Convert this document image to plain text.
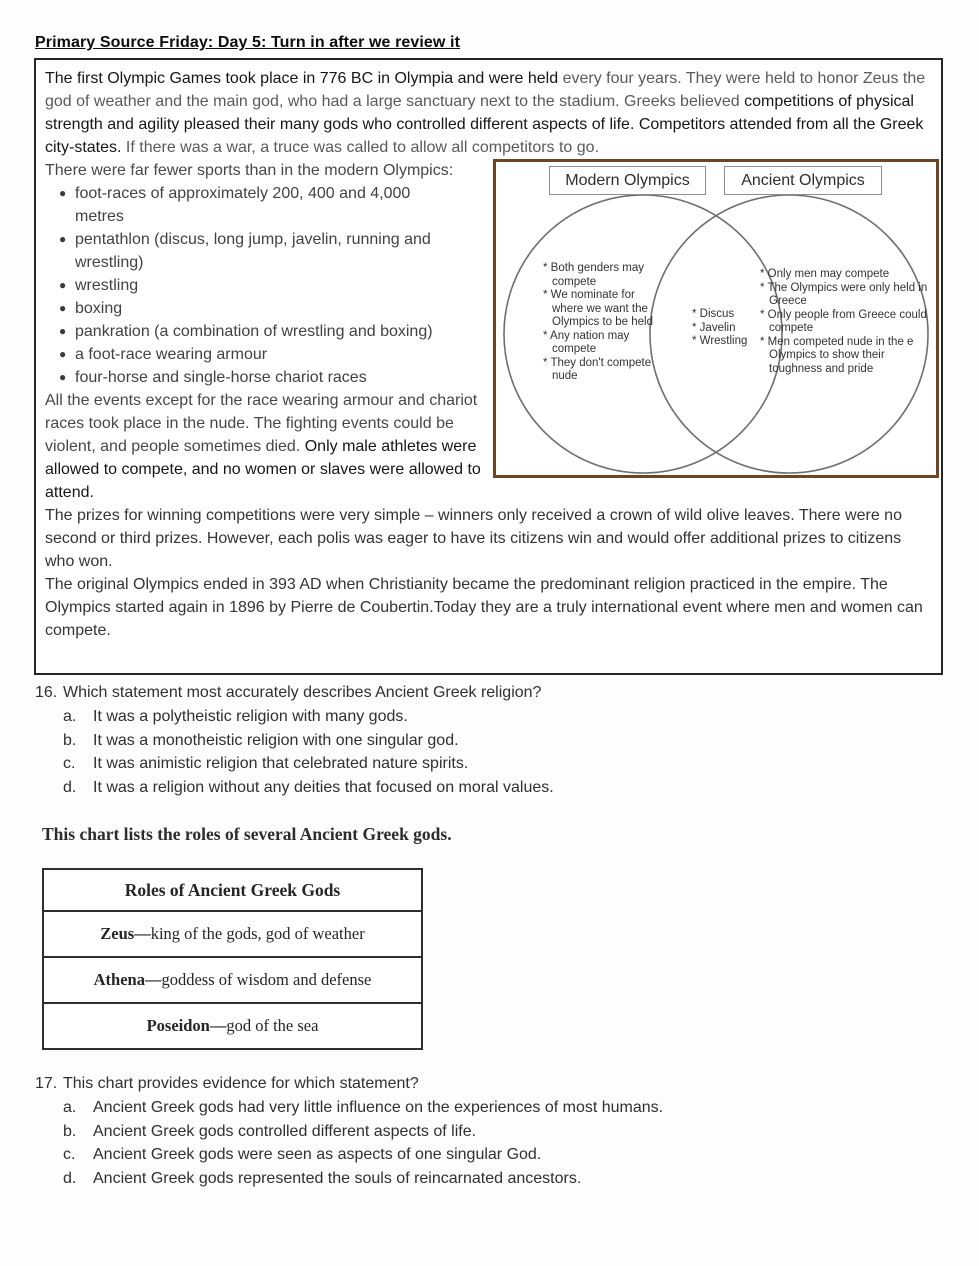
Primary Source Friday: Day 5: Turn in after we review it

The first Olympic Games took place in 776 BC in Olympia and were held every four years. They were held to honor Zeus the god of weather and the main god, who had a large sanctuary next to the stadium. Greeks believed competitions of physical strength and agility pleased their many gods who controlled different aspects of life. Competitors attended from all the Greek city-states. If there was a war, a truce was called to allow all competitors to go.

Modern Olympics	Ancient Olympics
* Both genders may compete
* We nominate for where we want the Olympics to be held
* Any nation may compete
* They don't compete nude
* Discus
* Javelin
* Wrestling
* Only men may compete
* The Olympics were only held in Greece
* Only people from Greece could compete
* Men competed nude in the e Olympics to show their toughness and pride

There were far fewer sports than in the modern Olympics:

● foot-races of approximately 200, 400 and 4,000 metres
● pentathlon (discus, long jump, javelin, running and wrestling)
● wrestling
● boxing
● pankration (a combination of wrestling and boxing)
● a foot-race wearing armour
● four-horse and single-horse chariot races

All the events except for the race wearing armour and chariot races took place in the nude. The fighting events could be violent, and people sometimes died. Only male athletes were allowed to compete, and no women or slaves were allowed to attend.

The prizes for winning competitions were very simple – winners only received a crown of wild olive leaves. There were no second or third prizes. However, each polis was eager to have its citizens win and would offer additional prizes to citizens who won.

The original Olympics ended in 393 AD when Christianity became the predominant religion practiced in the empire. The Olympics started again in 1896 by Pierre de Coubertin.Today they are a truly international event where men and women can compete.

16. Which statement most accurately describes Ancient Greek religion?
a.	It was a polytheistic religion with many gods.
b.	It was a monotheistic religion with one singular god.
c.	It was animistic religion that celebrated nature spirits.
d.	It was a religion without any deities that focused on moral values.
This chart lists the roles of several Ancient Greek gods.
Roles of Ancient Greek Gods
Zeus—king of the gods, god of weather
Athena—goddess of wisdom and defense
Poseidon—god of the sea
17. This chart provides evidence for which statement?
a.	Ancient Greek gods had very little influence on the experiences of most humans.
b.	Ancient Greek gods controlled different aspects of life.
c.	Ancient Greek gods were seen as aspects of one singular God.
d.	Ancient Greek gods represented the souls of reincarnated ancestors.
